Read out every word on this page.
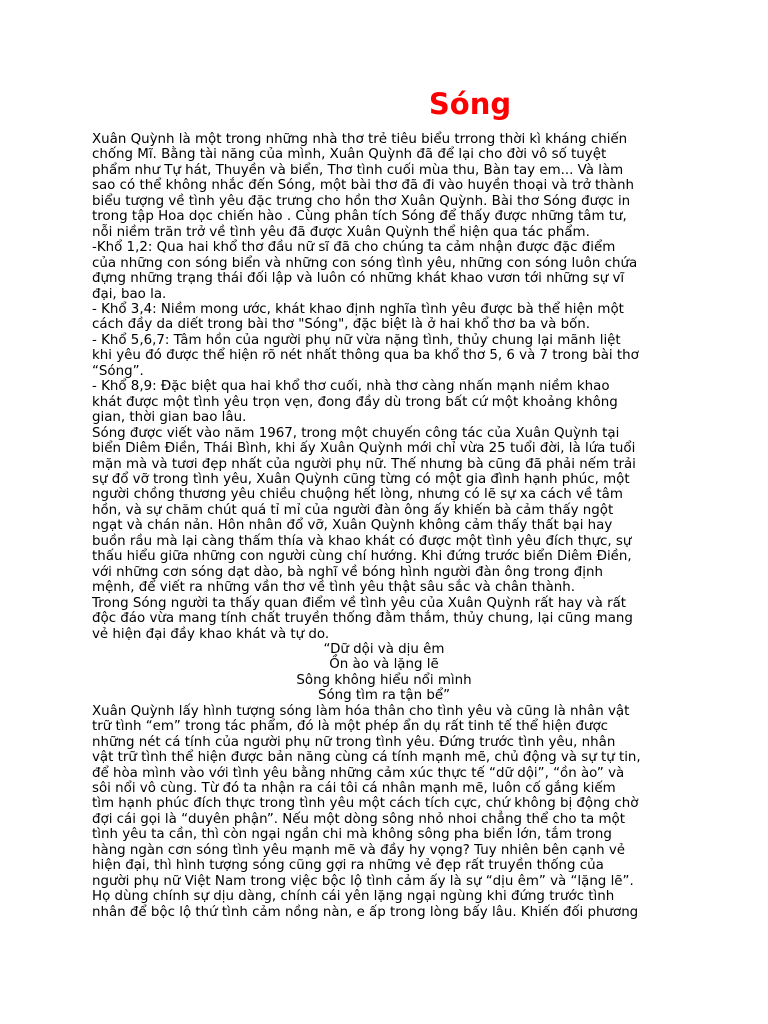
Sóng
Xuân Quỳnh là một trong những nhà thơ trẻ tiêu biểu trrong thời kì kháng chiến
chống Mĩ. Bằng tài năng của mình, Xuân Quỳnh đã để lại cho đời vô số tuyệt
phẩm như Tự hát, Thuyền và biển, Thơ tình cuối mùa thu, Bàn tay em... Và làm
sao có thể không nhắc đến Sóng, một bài thơ đã đi vào huyền thoại và trở thành
biểu tượng về tình yêu đặc trưng cho hồn thơ Xuân Quỳnh. Bài thơ Sóng được in
trong tập Hoa dọc chiến hào . Cùng phân tích Sóng để thấy được những tâm tư,
nỗi niềm trăn trở về tình yêu đã được Xuân Quỳnh thể hiện qua tác phẩm.
-Khổ 1,2: Qua hai khổ thơ đầu nữ sĩ đã cho chúng ta cảm nhận được đặc điểm
của những con sóng biển và những con sóng tình yêu, những con sóng luôn chứa
đựng những trạng thái đối lập và luôn có những khát khao vươn tới những sự vĩ
đại, bao la.
- Khổ 3,4: Niềm mong ước, khát khao định nghĩa tình yêu được bà thể hiện một
cách đầy da diết trong bài thơ "Sóng", đặc biệt là ở hai khổ thơ ba và bốn.
- Khổ 5,6,7: Tâm hồn của người phụ nữ vừa nặng tình, thủy chung lại mãnh liệt
khi yêu đó được thể hiện rõ nét nhất thông qua ba khổ thơ 5, 6 và 7 trong bài thơ
“Sóng”.
- Khổ 8,9: Đặc biệt qua hai khổ thơ cuối, nhà thơ càng nhấn mạnh niềm khao
khát được một tình yêu trọn vẹn, đong đầy dù trong bất cứ một khoảng không
gian, thời gian bao lâu.
Sóng được viết vào năm 1967, trong một chuyến công tác của Xuân Quỳnh tại
biển Diêm Điền, Thái Bình, khi ấy Xuân Quỳnh mới chỉ vừa 25 tuổi đời, là lứa tuổi
mặn mà và tươi đẹp nhất của người phụ nữ. Thế nhưng bà cũng đã phải nếm trải
sự đổ vỡ trong tình yêu, Xuân Quỳnh cũng từng có một gia đình hạnh phúc, một
người chồng thương yêu chiều chuộng hết lòng, nhưng có lẽ sự xa cách về tâm
hồn, và sự chăm chút quá tỉ mỉ của người đàn ông ấy khiến bà cảm thấy ngột
ngạt và chán nản. Hôn nhân đổ vỡ, Xuân Quỳnh không cảm thấy thất bại hay
buồn rầu mà lại càng thấm thía và khao khát có được một tình yêu đích thực, sự
thấu hiểu giữa những con người cùng chí hướng. Khi đứng trước biển Diêm Điền,
với những cơn sóng dạt dào, bà nghĩ về bóng hình người đàn ông trong định
mệnh, để viết ra những vần thơ về tình yêu thật sâu sắc và chân thành.
Trong Sóng người ta thấy quan điểm về tình yêu của Xuân Quỳnh rất hay và rất
độc đáo vừa mang tính chất truyền thống đằm thắm, thủy chung, lại cũng mang
vẻ hiện đại đầy khao khát và tự do.
“Dữ dội và dịu êm
Ồn ào và lặng lẽ
Sông không hiểu nổi mình
Sóng tìm ra tận bể”
Xuân Quỳnh lấy hình tượng sóng làm hóa thân cho tình yêu và cũng là nhân vật
trữ tình “em” trong tác phẩm, đó là một phép ẩn dụ rất tinh tế thể hiện được
những nét cá tính của người phụ nữ trong tình yêu. Đứng trước tình yêu, nhân
vật trữ tình thể hiện được bản năng cùng cá tính mạnh mẽ, chủ động và sự tự tin,
để hòa mình vào với tình yêu bằng những cảm xúc thực tế “dữ dội”, “ồn ào” và
sôi nổi vô cùng. Từ đó ta nhận ra cái tôi cá nhân mạnh mẽ, luôn cố gắng kiếm
tìm hạnh phúc đích thực trong tình yêu một cách tích cực, chứ không bị động chờ
đợi cái gọi là “duyên phận”. Nếu một dòng sông nhỏ nhoi chẳng thể cho ta một
tình yêu ta cần, thì còn ngại ngần chi mà không sông pha biển lớn, tắm trong
hàng ngàn cơn sóng tình yêu mạnh mẽ và đầy hy vọng? Tuy nhiên bên cạnh vẻ
hiện đại, thì hình tượng sóng cũng gợi ra những vẻ đẹp rất truyền thống của
người phụ nữ Việt Nam trong việc bộc lộ tình cảm ấy là sự “dịu êm” và “lặng lẽ”.
Họ dùng chính sự dịu dàng, chính cái yên lặng ngại ngùng khi đứng trước tình
nhân để bộc lộ thứ tình cảm nồng nàn, e ấp trong lòng bấy lâu. Khiến đối phương
